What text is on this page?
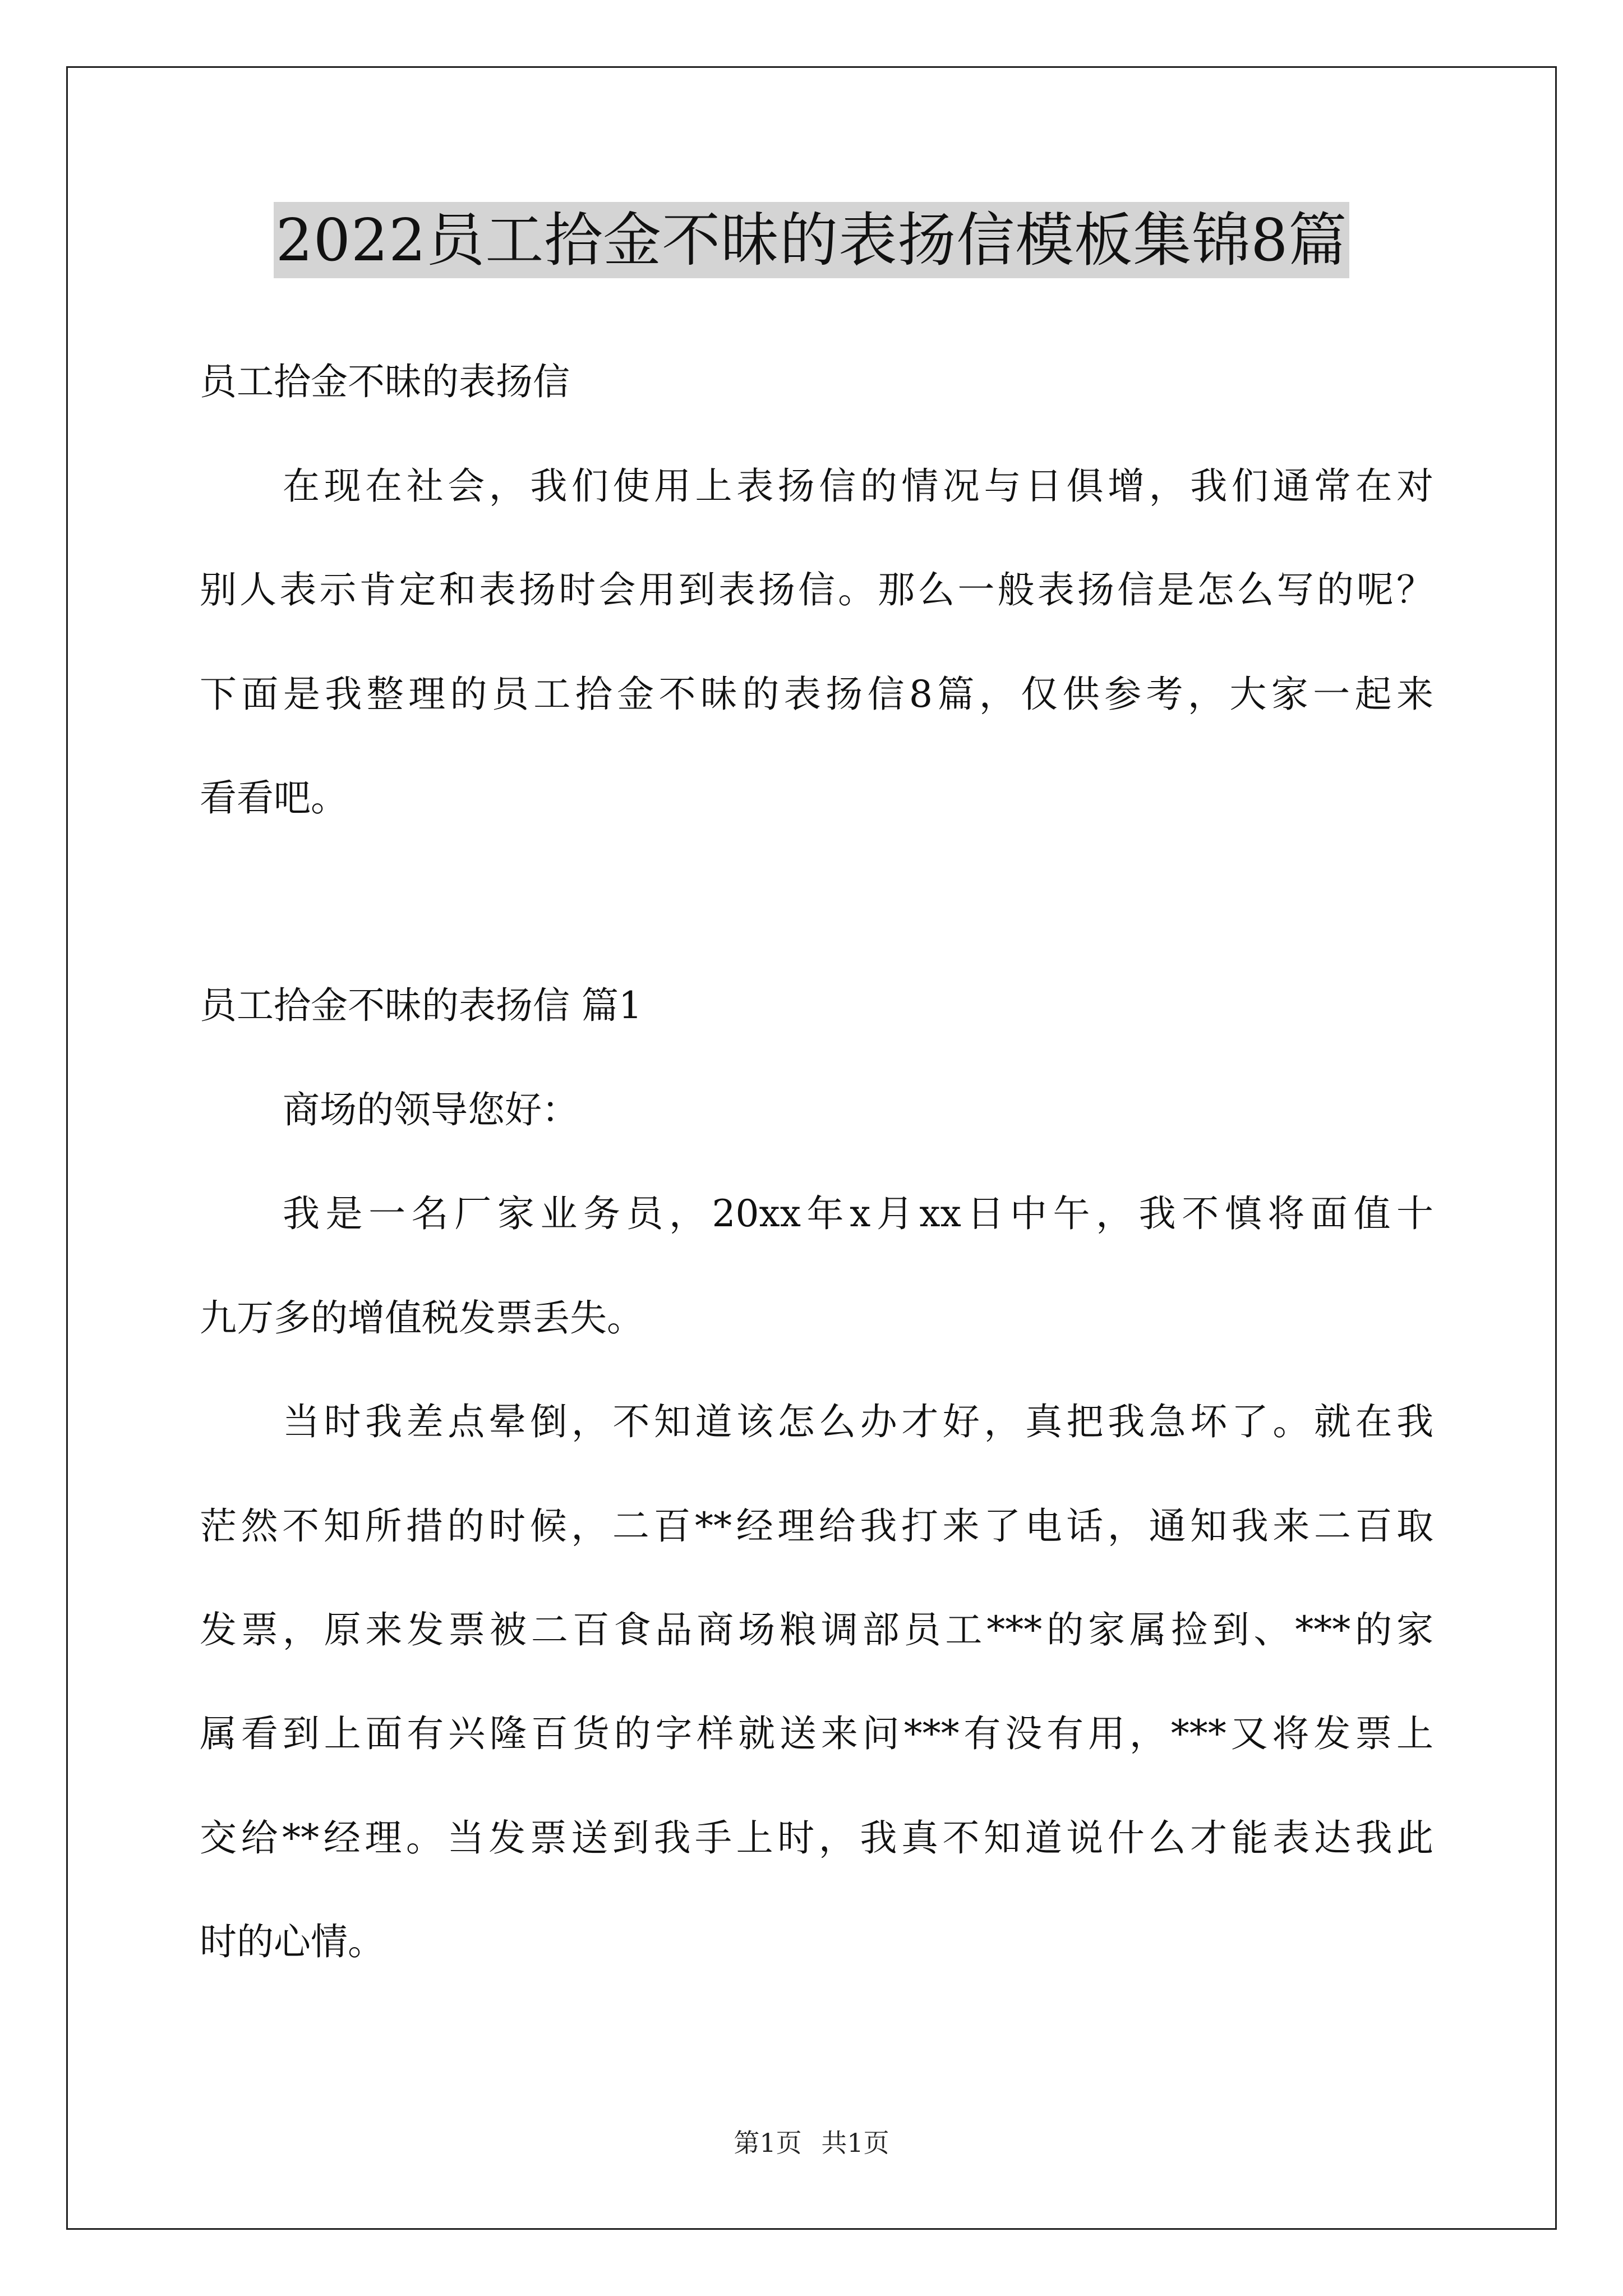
2022员工拾金不昧的表扬信模板集锦8篇
员工拾金不昧的表扬信
在现在社会，我们使用上表扬信的情况与日俱增，我们通常在对
别人表示肯定和表扬时会用到表扬信。那么一般表扬信是怎么写的呢？
下面是我整理的员工拾金不昧的表扬信8篇，仅供参考，大家一起来
看看吧。
员工拾金不昧的表扬信 篇1
商场的领导您好：
我是一名厂家业务员，20xx年x月xx日中午，我不慎将面值十
九万多的增值税发票丢失。
当时我差点晕倒，不知道该怎么办才好，真把我急坏了。就在我
茫然不知所措的时候，二百**经理给我打来了电话，通知我来二百取
发票，原来发票被二百食品商场粮调部员工***的家属捡到、***的家
属看到上面有兴隆百货的字样就送来问***有没有用，***又将发票上
交给**经理。当发票送到我手上时，我真不知道说什么才能表达我此
时的心情。
第1页 共1页
